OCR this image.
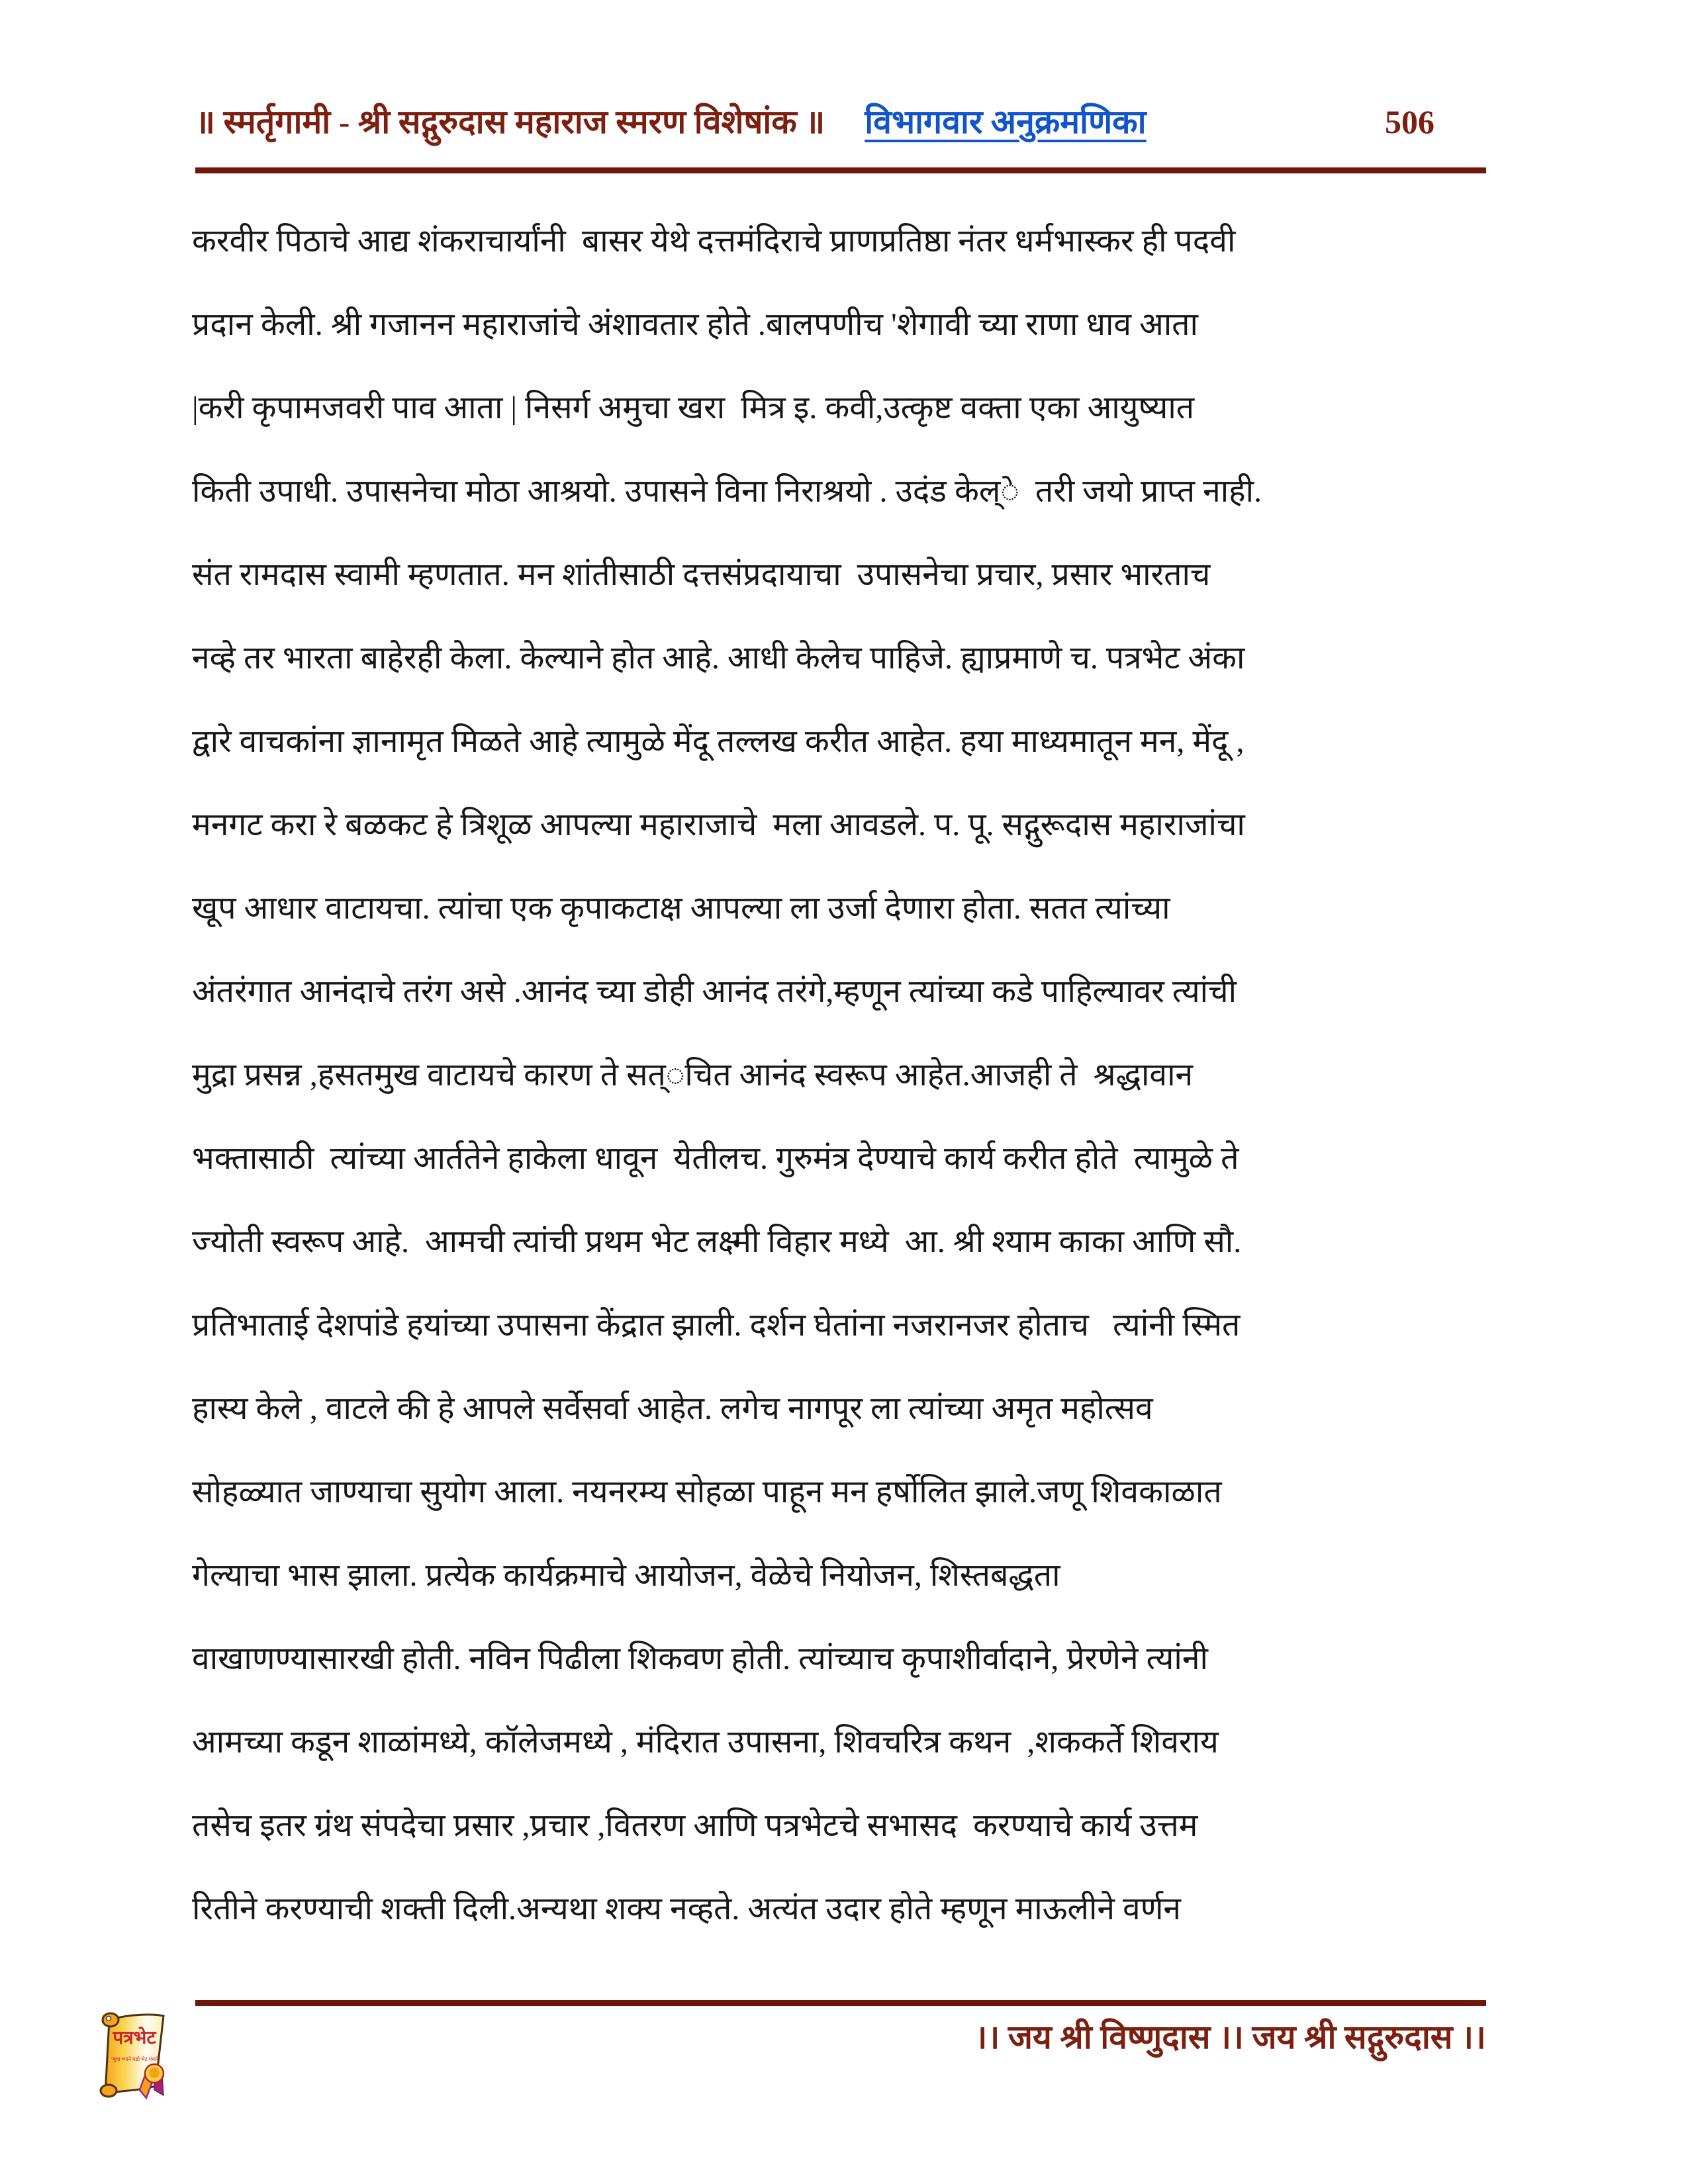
॥ स्मर्तृगामी - श्री सद्गुरुदास महाराज स्मरण विशेषांक ॥ विभागवार अनुक्रमणिका	506
करवीर पिठाचे आद्य शंकराचार्यांनी  बासर येथे दत्तमंदिराचे प्राणप्रतिष्ठा नंतर धर्मभास्कर ही पदवी
प्रदान केली. श्री गजानन महाराजांचे अंशावतार होते .बालपणीच 'शेगावी च्या राणा धाव आता
|करी कृपामजवरी पाव आता | निसर्ग अमुचा खरा  मित्र इ. कवी,उत्कृष्ट वक्ता एका आयुष्यात
किती उपाधी. उपासनेचा मोठा आश्रयो. उपासने विना निराश्रयो . उदंड केल्े  तरी जयो प्राप्त नाही.
संत रामदास स्वामी म्हणतात. मन शांतीसाठी दत्तसंप्रदायाचा  उपासनेचा प्रचार, प्रसार भारताच
नव्हे तर भारता बाहेरही केला. केल्याने होत आहे. आधी केलेच पाहिजे. ह्याप्रमाणे च. पत्रभेट अंका
द्वारे वाचकांना ज्ञानामृत मिळते आहे त्यामुळे मेंदू तल्लख करीत आहेत. हया माध्यमातून मन, मेंदू ,
मनगट करा रे बळकट हे त्रिशूळ आपल्या महाराजाचे  मला आवडले. प. पू. सद्गुरूदास महाराजांचा
खूप आधार वाटायचा. त्यांचा एक कृपाकटाक्ष आपल्या ला उर्जा देणारा होता. सतत त्यांच्या
अंतरंगात आनंदाचे तरंग असे .आनंद च्या डोही आनंद तरंगे,म्हणून त्यांच्या कडे पाहिल्यावर त्यांची
मुद्रा प्रसन्न ,हसतमुख वाटायचे कारण ते सत्◌चित आनंद स्वरूप आहेत.आजही ते  श्रद्धावान
भक्तासाठी  त्यांच्या आर्ततेने हाकेला धावून  येतीलच. गुरुमंत्र देण्याचे कार्य करीत होते  त्यामुळे ते
ज्योती स्वरूप आहे.  आमची त्यांची प्रथम भेट लक्ष्मी विहार मध्ये  आ. श्री श्याम काका आणि सौ.
प्रतिभाताई देशपांडे हयांच्या उपासना केंद्रात झाली. दर्शन घेतांना नजरानजर होताच   त्यांनी स्मित
हास्य केले , वाटले की हे आपले सर्वेसर्वा आहेत. लगेच नागपूर ला त्यांच्या अमृत महोत्सव
सोहळ्यात जाण्याचा सुयोग आला. नयनरम्य सोहळा पाहून मन हर्षोलित झाले.जणू शिवकाळात
गेल्याचा भास झाला. प्रत्येक कार्यक्रमाचे आयोजन, वेळेचे नियोजन, शिस्तबद्धता
वाखाणण्यासारखी होती. नविन पिढीला शिकवण होती. त्यांच्याच कृपाशीर्वादाने, प्रेरणेने त्यांनी
आमच्या कडून शाळांमध्ये, कॉलेजमध्ये , मंदिरात उपासना, शिवचरित्र कथन  ,शककर्ते शिवराय
तसेच इतर ग्रंथ संपदेचा प्रसार ,प्रचार ,वितरण आणि पत्रभेटचे सभासद  करण्याचे कार्य उत्तम
रितीने करण्याची शक्ती दिली.अन्यथा शक्य नव्हते. अत्यंत उदार होते म्हणून माऊलीने वर्णन
।। जय श्री विष्णुदास ।। जय श्री सद्गुरुदास ।।
पत्रभेट
"बुवा च्याने घडो भेट गंधारे"
